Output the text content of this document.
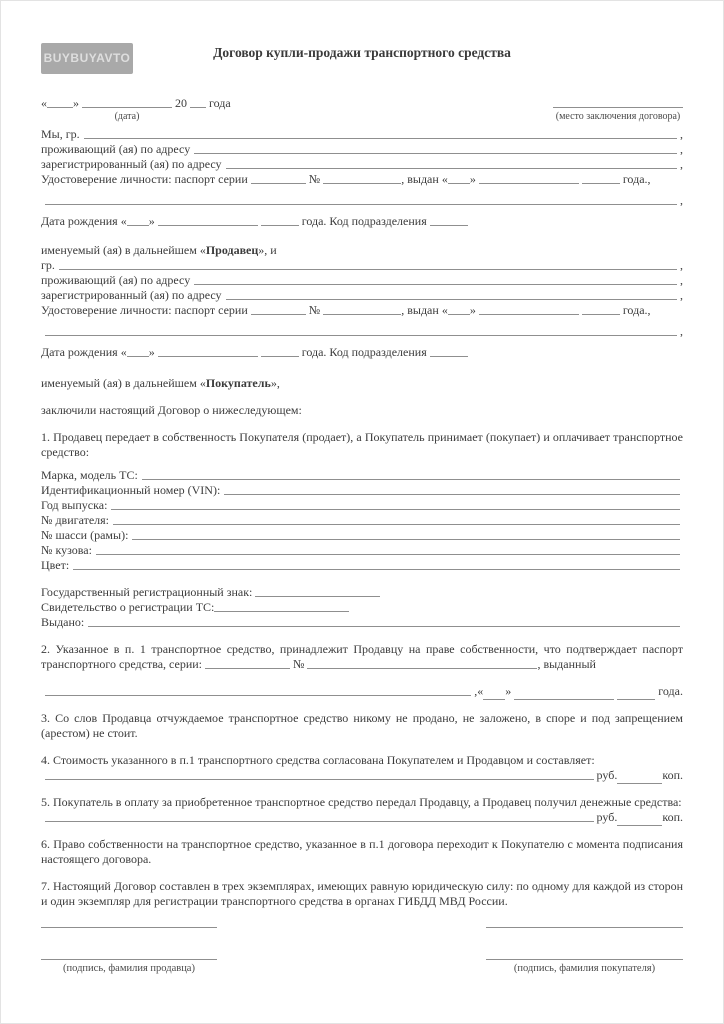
BUYBUYAVTO	Договор купли-продажи транспортного средства
« »
(дата)
20 года
(место заключения договора)
Мы, гр.	,
проживающий (ая) по адресу	,
зарегистрированный (ая) по адресу	,
Удостоверение личности: паспорт серии	№	, выдан « »	года.,
,
Дата рождения « »	года. Код подразделения

именуемый (ая) в дальнейшем «Продавец», и

гр.	,
проживающий (ая) по адресу	,
зарегистрированный (ая) по адресу	,
Удостоверение личности: паспорт серии	№	, выдан « »	года.,
,
Дата рождения « »	года. Код подразделения

именуемый (ая) в дальнейшем «Покупатель»,

заключили настоящий Договор о нижеследующем:

1. Продавец передает в собственность Покупателя (продает), а Покупатель принимает (покупает) и оплачивает транспортное средство:

Марка, модель ТС:
Идентификационный номер (VIN):
Год выпуска:
№ двигателя:
№ шасси (рамы):
№ кузова:
Цвет:
Государственный регистрационный знак:
Свидетельство о регистрации ТС:
Выдано:

2. Указанное в п. 1 транспортное средство, принадлежит Продавцу на праве собственности, что подтверждает паспорт транспортного средства, серии:	№	, выданный

, « »

	года.

3. Со слов Продавца отчуждаемое транспортное средство никому не продано, не заложено, в споре и под запрещением (арестом) не стоит.

4. Стоимость указанного в п.1 транспортного средства согласована Покупателем и Продавцом и составляет:

руб.	коп.

5. Покупатель в оплату за приобретенное транспортное средство передал Продавцу, а Продавец получил денежные средства:

руб.	коп.

6. Право собственности на транспортное средство, указанное в п.1 договора переходит к Покупателю с момента подписания настоящего договора.

7. Настоящий Договор составлен в трех экземплярах, имеющих равную юридическую силу: по одному для каждой из сторон и один экземпляр для регистрации транспортного средства в органах ГИБДД МВД России.

(подпись, фамилия продавца)	(подпись, фамилия покупателя)
